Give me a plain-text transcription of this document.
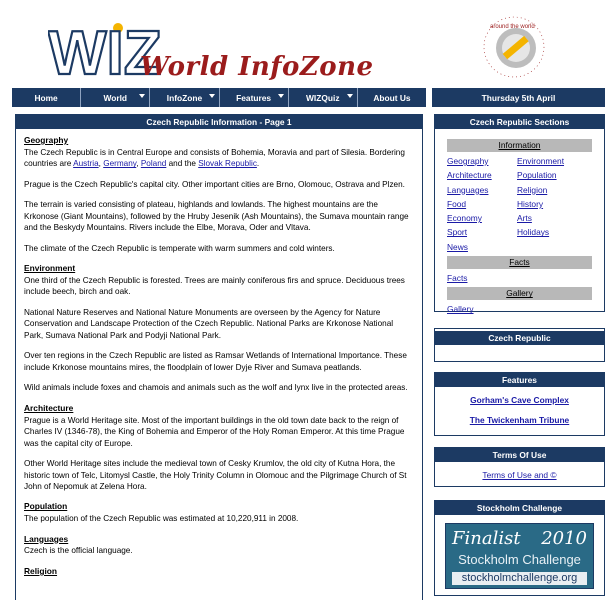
WIZ
World InfoZone
around the world
Home	World	InfoZone	Features	WIZQuiz	About Us	Thursday 5th April
Czech Republic Information - Page 1
Geography

The Czech Republic is in Central Europe and consists of Bohemia, Moravia and part of Silesia. Bordering countries are Austria, Germany, Poland and the Slovak Republic.

Prague is the Czech Republic's capital city. Other important cities are Brno, Olomouc, Ostrava and Plzen.

The terrain is varied consisting of plateau, highlands and lowlands. The highest mountains are the Krkonose (Giant Mountains), followed by the Hruby Jesenik (Ash Mountains), the Sumava mountain range and the Beskydy Mountains. Rivers include the Elbe, Morava, Oder and Vltava.

The climate of the Czech Republic is temperate with warm summers and cold winters.

Environment

One third of the Czech Republic is forested. Trees are mainly coniferous firs and spruce. Deciduous trees include beech, birch and oak.

National Nature Reserves and National Nature Monuments are overseen by the Agency for Nature Conservation and Landscape Protection of the Czech Republic. National Parks are Krkonose National Park, Sumava National Park and Podyji National Park.

Over ten regions in the Czech Republic are listed as Ramsar Wetlands of International Importance. These include Krkonose mountains mires, the floodplain of lower Dyje River and Sumava peatlands.

Wild animals include foxes and chamois and animals such as the wolf and lynx live in the protected areas.

Architecture

Prague is a World Heritage site. Most of the important buildings in the old town date back to the reign of Charles IV (1346-78), the King of Bohemia and Emperor of the Holy Roman Emperor. At this time Prague was the capital city of Europe.

Other World Heritage sites include the medieval town of Cesky Krumlov, the old city of Kutna Hora, the historic town of Telc, Litomysl Castle, the Holy Trinity Column in Olomouc and the Pilgrimage Church of St John of Nepomuk at Zelena Hora.

Population

The population of the Czech Republic was estimated at 10,220,911 in 2008.

Languages

Czech is the official language.

Religion
Czech Republic Sections
Information
Geography	Environment
Architecture	Population
Languages	Religion
Food	History
Economy	Arts
Sport	Holidays
News
Facts
Facts
Gallery
Gallery
Czech Republic
Features
Gorham's Cave Complex
The Twickenham Tribune
Terms Of Use
Terms of Use and ©
Stockholm Challenge
Finalist 2010
Stockholm Challenge
stockholmchallenge.org
